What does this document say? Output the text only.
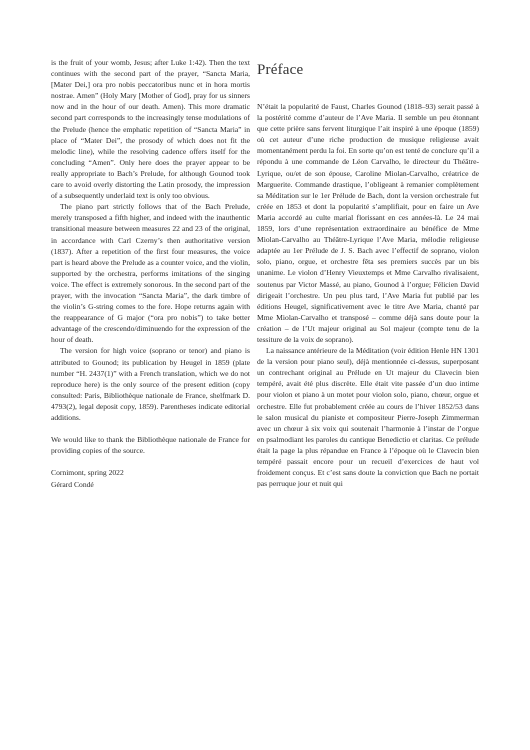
is the fruit of your womb, Jesus; after Luke 1:42). Then the text continues with the second part of the prayer, “Sancta Maria, [Mater Dei,] ora pro nobis peccatoribus nunc et in hora mortis nostrae. Amen” (Holy Mary [Mother of God], pray for us sinners now and in the hour of our death. Amen). This more dramatic second part corresponds to the increasingly tense modulations of the Prelude (hence the emphatic repetition of “Sancta Maria” in place of “Mater Dei”, the prosody of which does not fit the melodic line), while the resolving cadence offers itself for the concluding “Amen”. Only here does the prayer appear to be really appropriate to Bach’s Prelude, for although Gounod took care to avoid overly distorting the Latin prosody, the impression of a subsequently underlaid text is only too obvious.

The piano part strictly follows that of the Bach Prelude, merely transposed a fifth higher, and indeed with the inauthentic transitional measure between measures 22 and 23 of the original, in accordance with Carl Czerny’s then authoritative version (1837). After a repetition of the first four measures, the voice part is heard above the Prelude as a counter voice, and the violin, supported by the orchestra, performs imitations of the singing voice. The effect is extremely sonorous. In the second part of the prayer, with the invocation “Sancta Maria”, the dark timbre of the violin’s G-string comes to the fore. Hope returns again with the reappearance of G major (“ora pro nobis”) to take better advantage of the crescendo/diminuendo for the expression of the hour of death.

The version for high voice (soprano or tenor) and piano is attributed to Gounod; its publication by Heugel in 1859 (plate number “H. 2437(1)” with a French translation, which we do not reproduce here) is the only source of the present edition (copy consulted: Paris, Bibliothèque nationale de France, shelfmark D. 4793(2), legal deposit copy, 1859). Parentheses indicate editorial additions.

We would like to thank the Bibliothèque nationale de France for providing copies of the source.

Cornimont, spring 2022

Gérard Condé

Préface

N’était la popularité de Faust, Charles Gounod (1818–93) serait passé à la postérité comme d’auteur de l’Ave Maria. Il semble un peu étonnant que cette prière sans fervent liturgique l’ait inspiré à une époque (1859) où cet auteur d’une riche production de musique religieuse avait momentanément perdu la foi. En sorte qu’on est tenté de conclure qu’il a répondu à une commande de Léon Carvalho, le directeur du Théâtre-Lyrique, ou/et de son épouse, Caroline Miolan-Carvalho, créatrice de Marguerite. Commande drastique, l’obligeant à remanier complètement sa Méditation sur le 1er Prélude de Bach, dont la version orchestrale fut créée en 1853 et dont la popularité s’amplifiait, pour en faire un Ave Maria accordé au culte marial florissant en ces années-là. Le 24 mai 1859, lors d’une représentation extraordinaire au bénéfice de Mme Miolan-Carvalho au Théâtre-Lyrique l’Ave Maria, mélodie religieuse adaptée au 1er Prélude de J. S. Bach avec l’effectif de soprano, violon solo, piano, orgue, et orchestre fêta ses premiers succès par un bis unanime. Le violon d’Henry Vieuxtemps et Mme Carvalho rivalisaient, soutenus par Victor Massé, au piano, Gounod à l’orgue; Félicien David dirigeait l’orchestre. Un peu plus tard, l’Ave Maria fut publié par les éditions Heugel, significativement avec le titre Ave Maria, chanté par Mme Miolan-Carvalho et transposé – comme déjà sans doute pour la création – de l’Ut majeur original au Sol majeur (compte tenu de la tessiture de la voix de soprano).

La naissance antérieure de la Méditation (voir édition Henle HN 1301 de la version pour piano seul), déjà mentionnée ci-dessus, superposant un contrechant original au Prélude en Ut majeur du Clavecin bien tempéré, avait été plus discrète. Elle était vite passée d’un duo intime pour violon et piano à un motet pour violon solo, piano, chœur, orgue et orchestre. Elle fut probablement créée au cours de l’hiver 1852/53 dans le salon musical du pianiste et compositeur Pierre-Joseph Zimmerman avec un chœur à six voix qui soutenait l’harmonie à l’instar de l’orgue en psalmodiant les paroles du cantique Benedictio et claritas. Ce prélude était la page la plus répandue en France à l’époque où le Clavecin bien tempéré passait encore pour un recueil d’exercices de haut vol froidement conçus. Et c’est sans doute la conviction que Bach ne portait pas perruque jour et nuit qui
